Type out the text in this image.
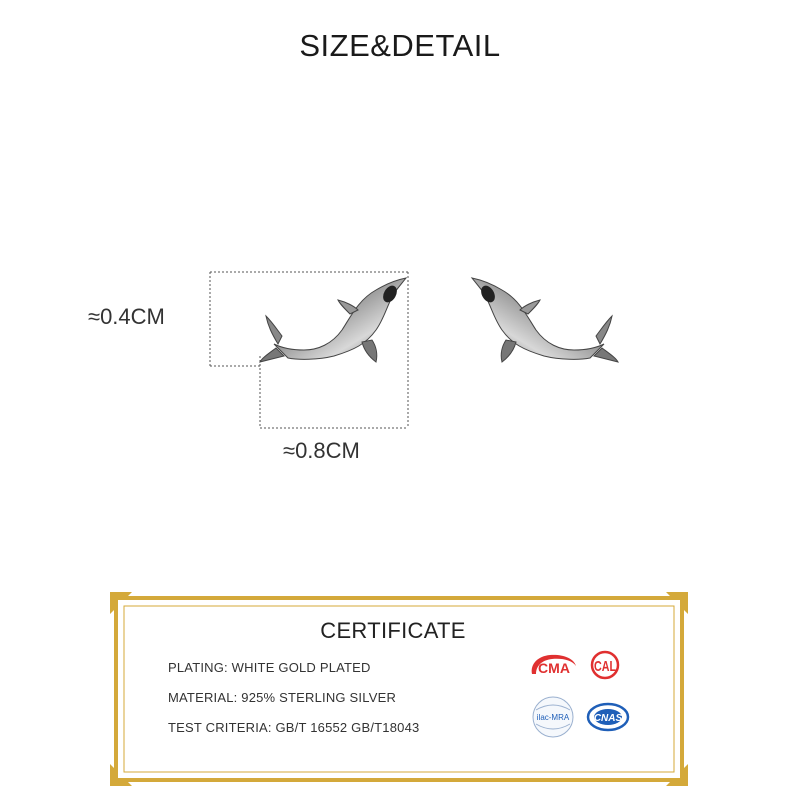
SIZE&DETAIL
≈0.4CM
≈0.8CM
CERTIFICATE
PLATING: WHITE GOLD PLATED
MATERIAL: 925% STERLING SILVER
TEST CRITERIA: GB/T 16552 GB/T18043
CMA CAL
ilac-MRA CNAS
